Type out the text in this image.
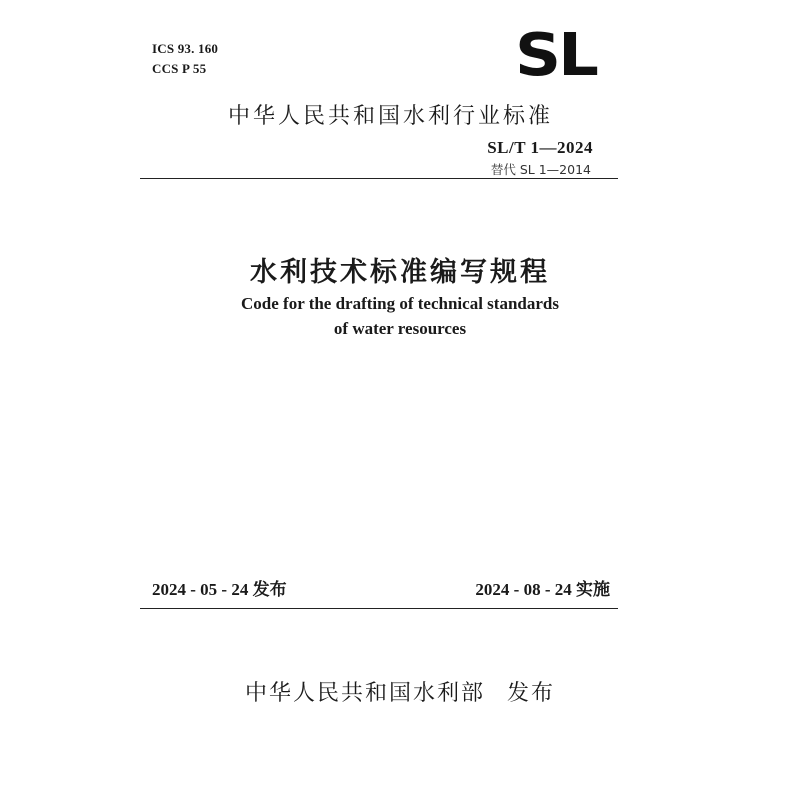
ICS 93. 160
CCS P 55	SL
中华人民共和国水利行业标准
SL/T 1—2024
替代 SL 1—2014
水利技术标准编写规程
Code for the drafting of technical standards
of water resources
2024 - 05 - 24 发布	2024 - 08 - 24 实施
中华人民共和国水利部 发布
